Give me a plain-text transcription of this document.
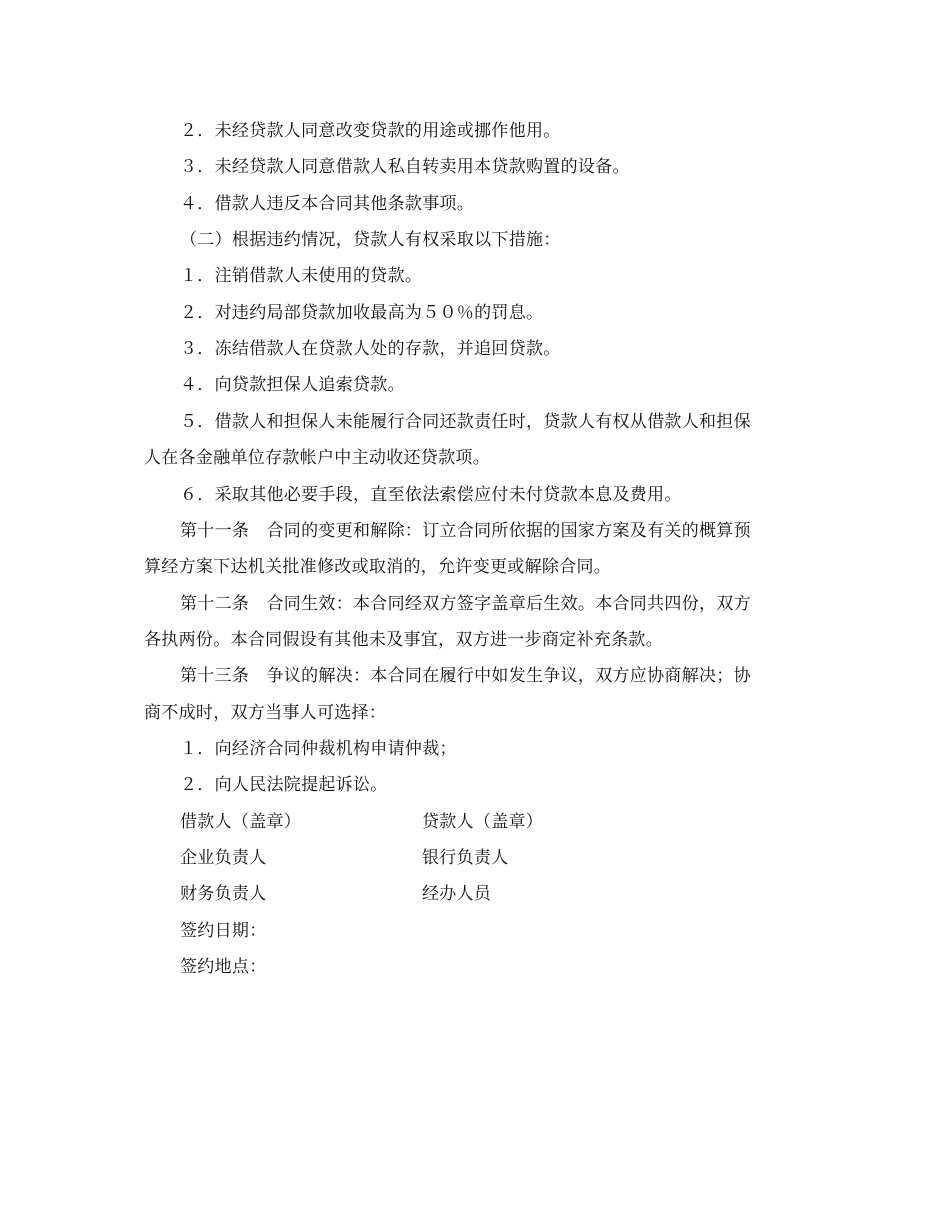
２．未经贷款人同意改变贷款的用途或挪作他用。
３．未经贷款人同意借款人私自转卖用本贷款购置的设备。
４．借款人违反本合同其他条款事项。
（二）根据违约情况，贷款人有权采取以下措施：
１．注销借款人未使用的贷款。
２．对违约局部贷款加收最高为５０％的罚息。
３．冻结借款人在贷款人处的存款，并追回贷款。
４．向贷款担保人追索贷款。
５．借款人和担保人未能履行合同还款责任时，贷款人有权从借款人和担保
人在各金融单位存款帐户中主动收还贷款项。
６．采取其他必要手段，直至依法索偿应付未付贷款本息及费用。
第十一条　合同的变更和解除：订立合同所依据的国家方案及有关的概算预
算经方案下达机关批准修改或取消的，允许变更或解除合同。
第十二条　合同生效：本合同经双方签字盖章后生效。本合同共四份，双方
各执两份。本合同假设有其他未及事宜，双方进一步商定补充条款。
第十三条　争议的解决：本合同在履行中如发生争议，双方应协商解决；协
商不成时，双方当事人可选择：
１．向经济合同仲裁机构申请仲裁；
２．向人民法院提起诉讼。
借款人（盖章）	贷款人（盖章）
企业负责人	银行负责人
财务负责人	经办人员
签约日期：
签约地点：
